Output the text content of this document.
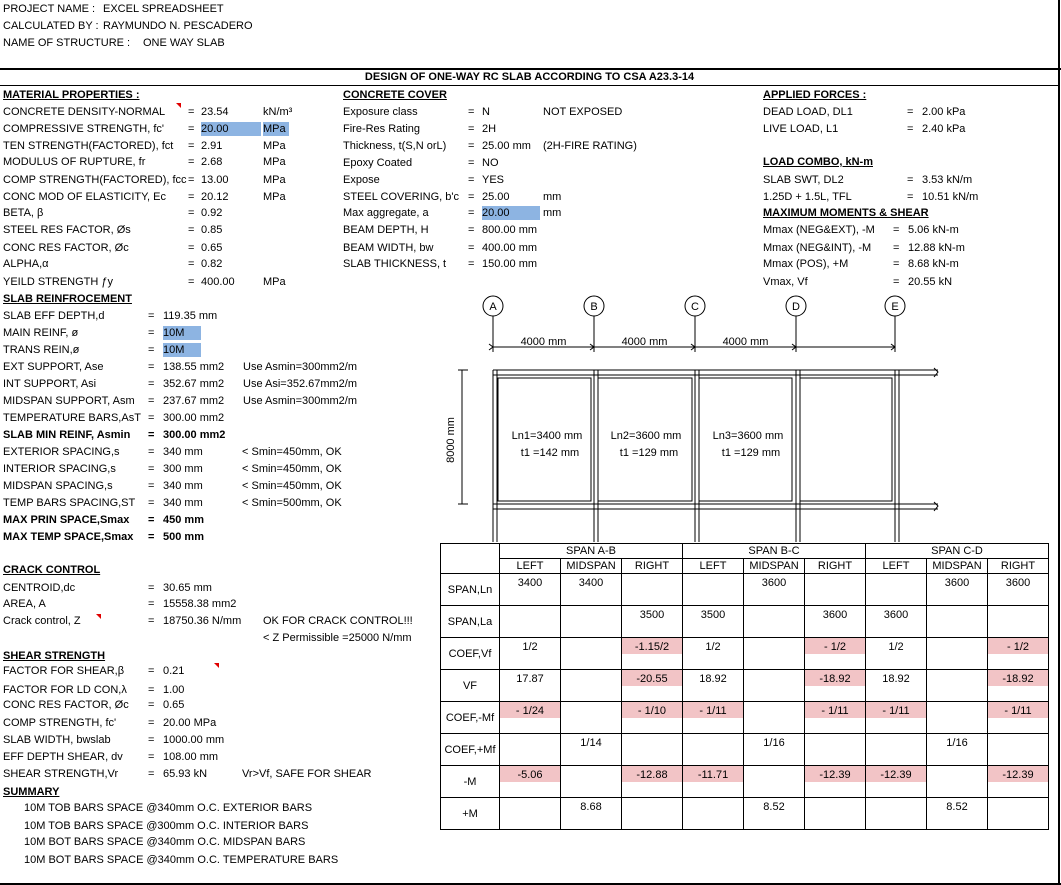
PROJECT NAME : EXCEL SPREADSHEET
CALCULATED BY : RAYMUNDO N. PESCADERO
NAME OF STRUCTURE : ONE WAY SLAB
DESIGN OF ONE-WAY RC SLAB ACCORDING TO CSA A23.3-14
MATERIAL PROPERTIES :
CONCRETE DENSITY-NORMAL = 23.54	kN/m³
COMPRESSIVE STRENGTH, fc' = 20.00	MPa
TEN STRENGTH(FACTORED), fct = 2.91	MPa
MODULUS OF RUPTURE, fr	= 2.68	MPa
COMP STRENGTH(FACTORED), fcc = 13.00	MPa
CONC MOD OF ELASTICITY, Ec = 20.12	MPa
BETA, β	= 0.92
STEEL RES FACTOR, Øs	= 0.85
CONC RES FACTOR, Øc	= 0.65
ALPHA,α	= 0.82
YEILD STRENGTH ƒy	= 400.00	MPa
CONCRETE COVER
Exposure class	= N	NOT EXPOSED
Fire-Res Rating	= 2H
Thickness, t(S,N orL) = 25.00 mm (2H-FIRE RATING)
Epoxy Coated	= NO
Expose	= YES
STEEL COVERING, b'c = 25.00	mm
Max aggregate, a	= 20.00	mm
BEAM DEPTH, H	= 800.00 mm
BEAM WIDTH, bw	= 400.00 mm
SLAB THICKNESS, t = 150.00 mm
APPLIED FORCES :
DEAD LOAD, DL1	= 2.00 kPa
LIVE LOAD, L1	= 2.40 kPa
LOAD COMBO, kN-m
SLAB SWT, DL2	= 3.53 kN/m
1.25D + 1.5L, TFL	= 10.51 kN/m
MAXIMUM MOMENTS & SHEAR
Mmax (NEG&EXT), -M = 5.06 kN-m
Mmax (NEG&INT), -M = 12.88 kN-m
Mmax (POS), +M	= 8.68 kN-m
Vmax, Vf	= 20.55 kN
SLAB REINFROCEMENT
SLAB EFF DEPTH,d	= 119.35 mm
MAIN REINF, ø	= 10M
TRANS REIN,ø	= 10M
EXT SUPPORT, Ase	= 138.55 mm2 Use Asmin=300mm2/m
INT SUPPORT, Asi	= 352.67 mm2 Use Asi=352.67mm2/m
MIDSPAN SUPPORT, Asm = 237.67 mm2 Use Asmin=300mm2/m
TEMPERATURE BARS,AsT = 300.00 mm2
SLAB MIN REINF, Asmin = 300.00 mm2
EXTERIOR SPACING,s	= 340 mm	< Smin=450mm, OK
INTERIOR SPACING,s	= 300 mm	< Smin=450mm, OK
MIDSPAN SPACING,s	= 340 mm	< Smin=450mm, OK
TEMP BARS SPACING,ST = 340 mm	< Smin=500mm, OK
MAX PRIN SPACE,Smax = 450 mm
MAX TEMP SPACE,Smax = 500 mm
CRACK CONTROL
CENTROID,dc	= 30.65 mm
AREA, A	= 15558.38 mm2
Crack control, Z	= 18750.36 N/mm OK FOR CRACK CONTROL!!!
< Z Permissible =25000 N/mm
SHEAR STRENGTH
FACTOR FOR SHEAR,β = 0.21
FACTOR FOR LD CON,λ = 1.00
CONC RES FACTOR, Øc = 0.65
COMP STRENGTH, fc'	= 20.00 MPa
SLAB WIDTH, bwslab	= 1000.00 mm
EFF DEPTH SHEAR, dv = 108.00 mm
SHEAR STRENGTH,Vr	= 65.93 kN	Vr>Vf, SAFE FOR SHEAR
SUMMARY
10M TOB BARS SPACE @340mm O.C. EXTERIOR BARS
10M TOB BARS SPACE @300mm O.C. INTERIOR BARS
10M BOT BARS SPACE @340mm O.C. MIDSPAN BARS
10M BOT BARS SPACE @340mm O.C. TEMPERATURE BARS
A	B	C	D	E
4000 mm	4000 mm	4000 mm
8000 mm	Ln1=3400 mm
t1 =142 mm
Ln2=3600 mm
t1 =129 mm
Ln3=3600 mm
t1 =129 mm
	SPAN A-B			SPAN B-C			SPAN C-D		
	LEFT	MIDSPAN	RIGHT	LEFT	MIDSPAN	RIGHT	LEFT	MIDSPAN	RIGHT
SPAN,Ln	3400	3400			3600			3600	3600

SPAN,La			3500	3500		3600	3600		

COEF,Vf	1/2		-1.15/2	1/2		- 1/2	1/2		- 1/2

VF	17.87		-20.55	18.92		-18.92	18.92		-18.92

COEF,-Mf	- 1/24		- 1/10	- 1/11		- 1/11	- 1/11		- 1/11

COEF,+Mf		1/14			1/16			1/16	

-M	-5.06		-12.88	-11.71		-12.39	-12.39		-12.39

+M		8.68			8.52			8.52	
